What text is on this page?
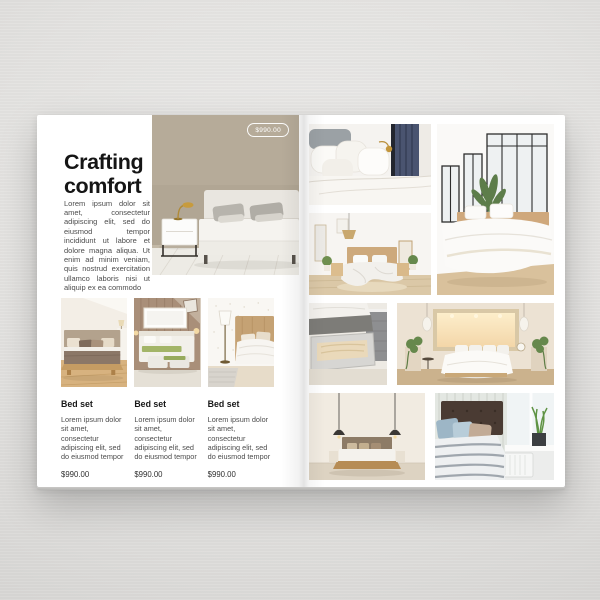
Crafting comfort

Lorem ipsum dolor sit amet, consectetur adipiscing elit, sed do eiusmod tempor incididunt ut labore et dolore magna aliqua. Ut enim ad minim veniam, quis nostrud exercitation ullamco laboris nisi ut aliquip ex ea commodo

$990.00
Bed set

Lorem ipsum dolor sit amet, consectetur adipiscing elit, sed do eiusmod tempor

$990.00
Bed set

Lorem ipsum dolor sit amet, consectetur adipiscing elit, sed do eiusmod tempor

$990.00
Bed set

Lorem ipsum dolor sit amet, consectetur adipiscing elit, sed do eiusmod tempor

$990.00
